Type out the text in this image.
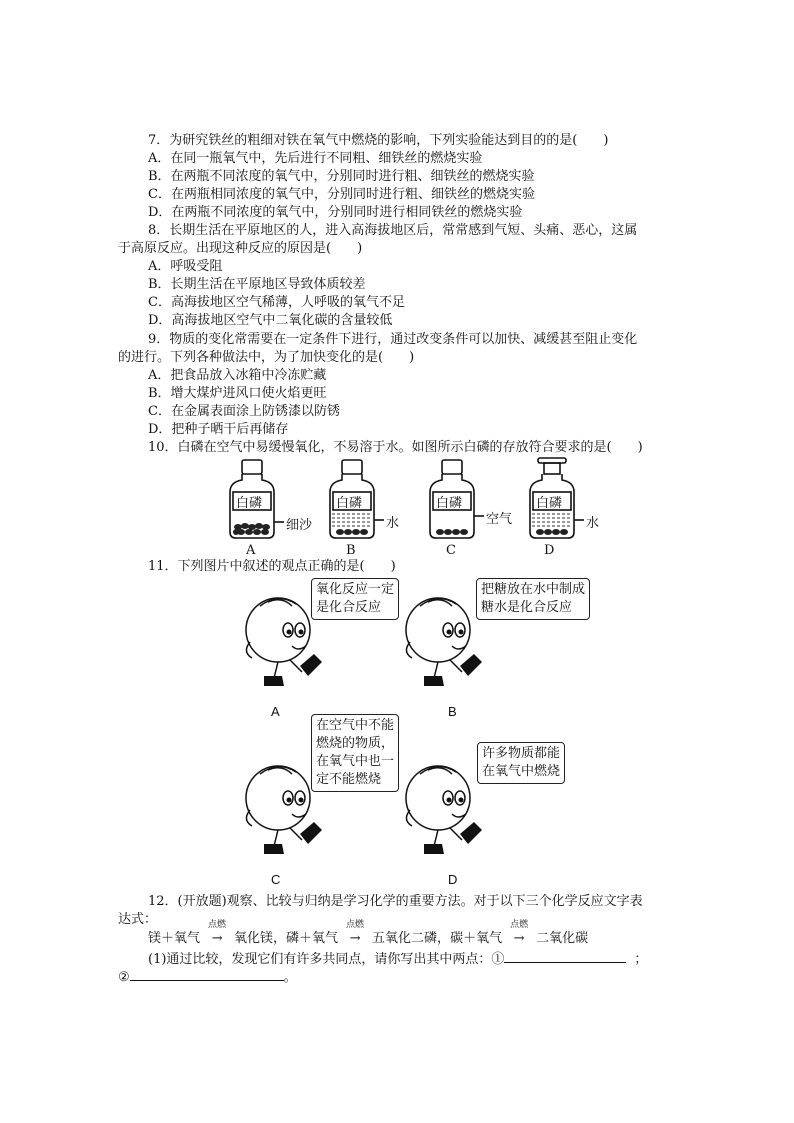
7．为研究铁丝的粗细对铁在氧气中燃烧的影响，下列实验能达到目的的是(　　)
A．在同一瓶氧气中，先后进行不同粗、细铁丝的燃烧实验
B．在两瓶不同浓度的氧气中，分别同时进行粗、细铁丝的燃烧实验
C．在两瓶相同浓度的氧气中，分别同时进行粗、细铁丝的燃烧实验
D．在两瓶不同浓度的氧气中，分别同时进行相同铁丝的燃烧实验
8．长期生活在平原地区的人，进入高海拔地区后，常常感到气短、头痛、恶心，这属
于高原反应。出现这种反应的原因是(　　)
A．呼吸受阻
B．长期生活在平原地区导致体质较差
C．高海拔地区空气稀薄，人呼吸的氧气不足
D．高海拔地区空气中二氧化碳的含量较低
9．物质的变化常需要在一定条件下进行，通过改变条件可以加快、减缓甚至阻止变化
的进行。下列各种做法中，为了加快变化的是(　　)
A．把食品放入冰箱中冷冻贮藏
B．增大煤炉进风口使火焰更旺
C．在金属表面涂上防锈漆以防锈
D．把种子晒干后再储存
10．白磷在空气中易缓慢氧化，不易溶于水。如图所示白磷的存放符合要求的是(　　)
白磷
细沙
A
白磷
水
B
白磷
空气
C
白磷
水
D
11．下列图片中叙述的观点正确的是(　　)
氧化反应一定
是化合反应
把糖放在水中制成
糖水是化合反应
在空气中不能
燃烧的物质，
在氧气中也一
定不能燃烧
许多物质都能
在氧气中燃烧
A	B
C	D
12．(开放题)观察、比较与归纳是学习化学的重要方法。对于以下三个化学反应文字表
达式：
镁＋氧气
点燃
→ 氧化镁，磷＋氧气
点燃
→ 五氧化二磷，碳＋氧气
点燃
→ 二氧化碳
(1)通过比较，发现它们有许多共同点，请你写出其中两点：①	；
②	。
